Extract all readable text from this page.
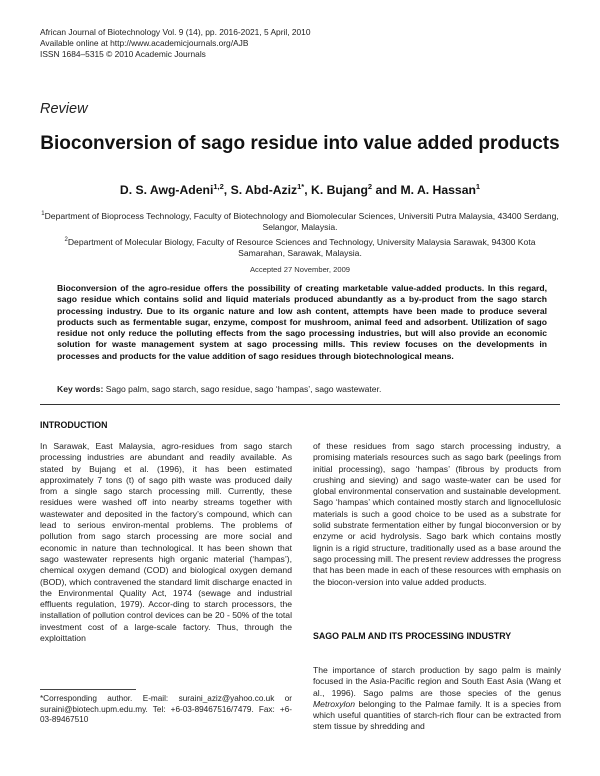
African Journal of Biotechnology Vol. 9 (14), pp. 2016-2021, 5 April, 2010
Available online at http://www.academicjournals.org/AJB
ISSN 1684–5315 © 2010 Academic Journals
Review
Bioconversion of sago residue into value added products
D. S. Awg-Adeni$^{1,2}$, S. Abd-Aziz$^{1*}$, K. Bujang$^2$ and M. A. Hassan$^1$
$^1$Department of Bioprocess Technology, Faculty of Biotechnology and Biomolecular Sciences, Universiti Putra Malaysia, 43400 Serdang, Selangor, Malaysia.
$^2$Department of Molecular Biology, Faculty of Resource Sciences and Technology, University Malaysia Sarawak, 94300 Kota Samarahan, Sarawak, Malaysia.
Accepted 27 November, 2009
Bioconversion of the agro-residue offers the possibility of creating marketable value-added products. In this regard, sago residue which contains solid and liquid materials produced abundantly as a by-product from the sago starch processing industry. Due to its organic nature and low ash content, attempts have been made to produce several products such as fermentable sugar, enzyme, compost for mushroom, animal feed and adsorbent. Utilization of sago residue not only reduce the polluting effects from the sago processing industries, but will also provide an economic solution for waste management system at sago processing mills. This review focuses on the developments in processes and products for the value addition of sago residues through biotechnological means.
Key words: Sago palm, sago starch, sago residue, sago ‘hampas’, sago wastewater.
INTRODUCTION

In Sarawak, East Malaysia, agro-residues from sago starch processing industries are abundant and readily available. As stated by Bujang et al. (1996), it has been estimated approximately 7 tons (t) of sago pith waste was produced daily from a single sago starch processing mill. Currently, these residues were washed off into nearby streams together with wastewater and deposited in the factory’s compound, which can lead to serious environ-mental problems. The problems of pollution from sago starch processing are more social and economic in nature than technological. It has been shown that sago wastewater represents high organic material (‘hampas’), chemical oxygen demand (COD) and biological oxygen demand (BOD), which contravened the standard limit discharge enacted in the Environmental Quality Act, 1974 (sewage and industrial effluents regulation, 1979). Accor-ding to starch processors, the installation of pollution control devices can be 20 - 50% of the total investment cost of a large-scale factory. Thus, through the exploittation

of these residues from sago starch processing industry, a promising materials resources such as sago bark (peelings from initial processing), sago ‘hampas’ (fibrous by products from crushing and sieving) and sago waste-water can be used for global environmental conservation and sustainable development. Sago ‘hampas’ which contained mostly starch and lignocellulosic materials is such a good choice to be used as a substrate for solid substrate fermentation either by fungal bioconversion or by enzyme or acid hydrolysis. Sago bark which contains mostly lignin is a rigid structure, traditionally used as a base around the sago processing mill. The present review addresses the progress that has been made in each of these resources with emphasis on the biocon-version into value added products.

SAGO PALM AND ITS PROCESSING INDUSTRY

The importance of starch production by sago palm is mainly focused in the Asia-Pacific region and South East Asia (Wang et al., 1996). Sago palms are those species of the genus Metroxylon belonging to the Palmae family. It is a species from which useful quantities of starch-rich flour can be extracted from stem tissue by shredding and

*Corresponding author. E-mail: suraini_aziz@yahoo.co.uk or suraini@biotech.upm.edu.my. Tel: +6-03-89467516/7479. Fax: +6-03-89467510
